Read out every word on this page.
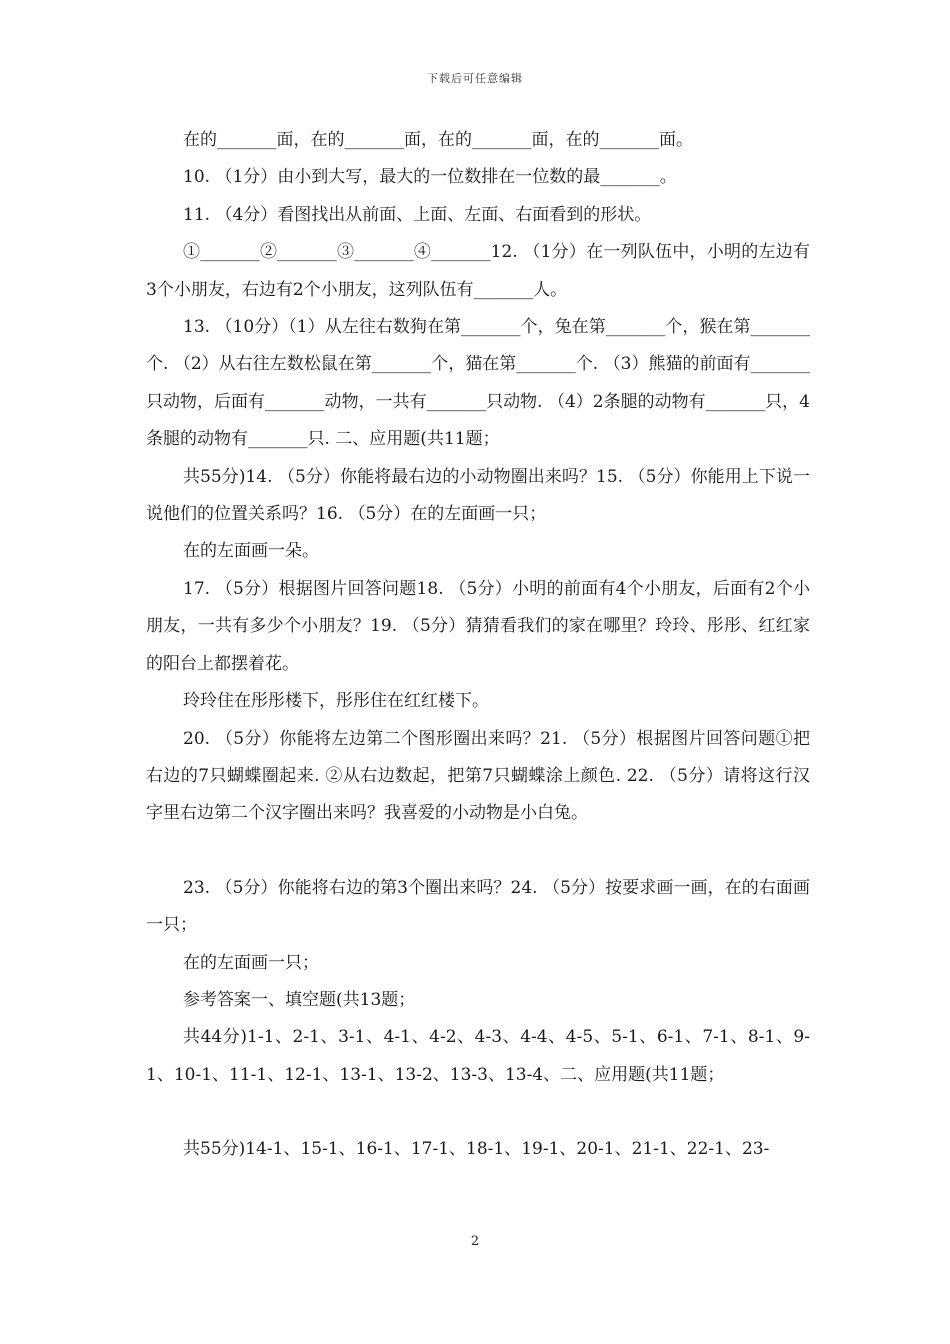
下载后可任意编辑

在的_______面，在的_______面，在的_______面，在的_______面。

10. （1分）由小到大写，最大的一位数排在一位数的最_______。

11. （4分）看图找出从前面、上面、左面、右面看到的形状。

①_______②_______③_______④_______12. （1分）在一列队伍中，小明的左边有3个小朋友，右边有2个小朋友，这列队伍有_______人。

13. （10分）（1）从左往右数狗在第_______个，兔在第_______个，猴在第_______个. （2）从右往左数松鼠在第_______个，猫在第_______个. （3）熊猫的前面有_______只动物，后面有_______动物，一共有_______只动物. （4）2条腿的动物有_______只，4条腿的动物有_______只. 二、应用题(共11题；

共55分)14. （5分）你能将最右边的小动物圈出来吗？15. （5分）你能用上下说一说他们的位置关系吗？16. （5分）在的左面画一只；

在的左面画一朵。

17. （5分）根据图片回答问题18. （5分）小明的前面有4个小朋友，后面有2个小朋友，一共有多少个小朋友？19. （5分）猜猜看我们的家在哪里？玲玲、彤彤、红红家的阳台上都摆着花。

玲玲住在彤彤楼下，彤彤住在红红楼下。

20. （5分）你能将左边第二个图形圈出来吗？21. （5分）根据图片回答问题①把右边的7只蝴蝶圈起来. ②从右边数起，把第7只蝴蝶涂上颜色. 22. （5分）请将这行汉字里右边第二个汉字圈出来吗？我喜爱的小动物是小白兔。

23. （5分）你能将右边的第3个圈出来吗？24. （5分）按要求画一画，在的右面画一只；

在的左面画一只；

参考答案一、填空题(共13题；

共44分)1-1、2-1、3-1、4-1、4-2、4-3、4-4、4-5、5-1、6-1、7-1、8-1、9-1、10-1、11-1、12-1、13-1、13-2、13-3、13-4、二、应用题(共11题；

共55分)14-1、15-1、16-1、17-1、18-1、19-1、20-1、21-1、22-1、23-

2
